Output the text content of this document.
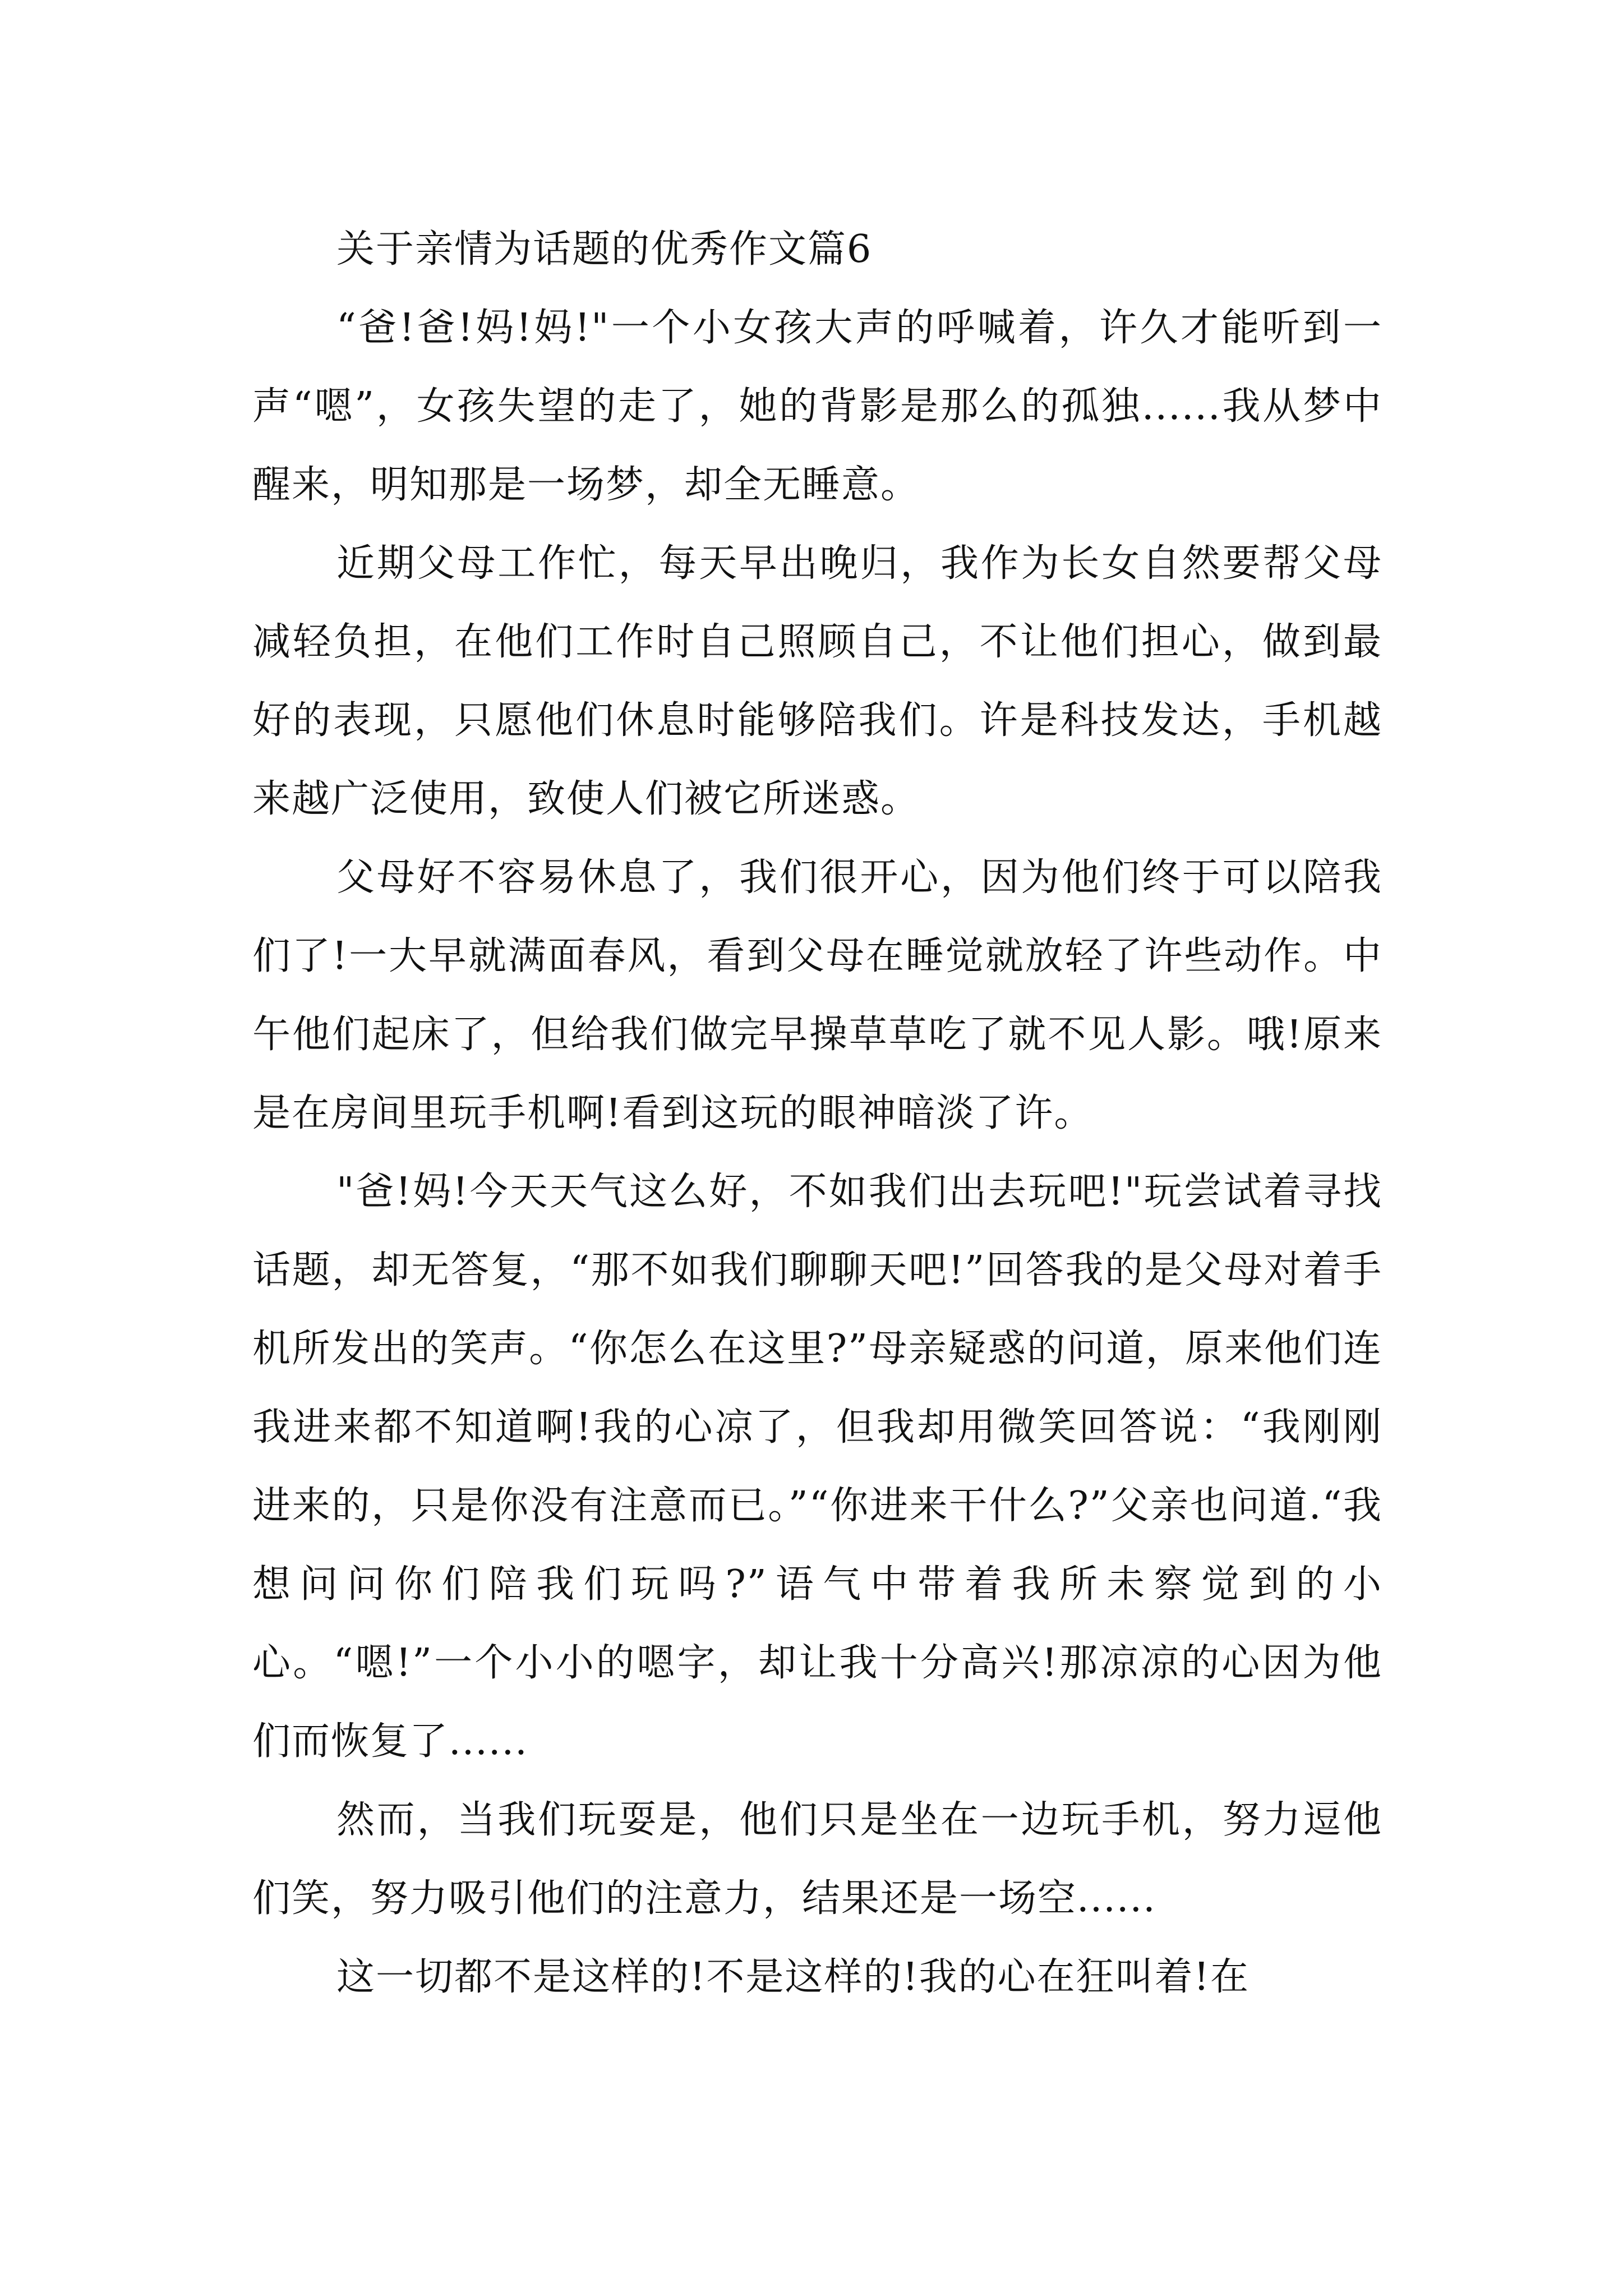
关于亲情为话题的优秀作文篇6

“爸!爸!妈!妈!"一个小女孩大声的呼喊着，许久才能听到一声“嗯”，女孩失望的走了，她的背影是那么的孤独......我从梦中醒来，明知那是一场梦，却全无睡意。

近期父母工作忙，每天早出晚归，我作为长女自然要帮父母减轻负担，在他们工作时自己照顾自己，不让他们担心，做到最好的表现，只愿他们休息时能够陪我们。许是科技发达，手机越来越广泛使用，致使人们被它所迷惑。

父母好不容易休息了，我们很开心，因为他们终于可以陪我们了!一大早就满面春风，看到父母在睡觉就放轻了许些动作。中午他们起床了，但给我们做完早操草草吃了就不见人影。哦!原来是在房间里玩手机啊!看到这玩的眼神暗淡了许。

"爸!妈!今天天气这么好，不如我们出去玩吧!"玩尝试着寻找话题，却无答复，“那不如我们聊聊天吧!”回答我的是父母对着手机所发出的笑声。“你怎么在这里?”母亲疑惑的问道，原来他们连我进来都不知道啊!我的心凉了，但我却用微笑回答说：“我刚刚进来的，只是你没有注意而已。”“你进来干什么?”父亲也问道.“我想问问你们陪我们玩吗?”语气中带着我所未察觉到的小心。“嗯!”一个小小的嗯字，却让我十分高兴!那凉凉的心因为他们而恢复了......

然而，当我们玩耍是，他们只是坐在一边玩手机，努力逗他们笑，努力吸引他们的注意力，结果还是一场空......

这一切都不是这样的!不是这样的!我的心在狂叫着!在
